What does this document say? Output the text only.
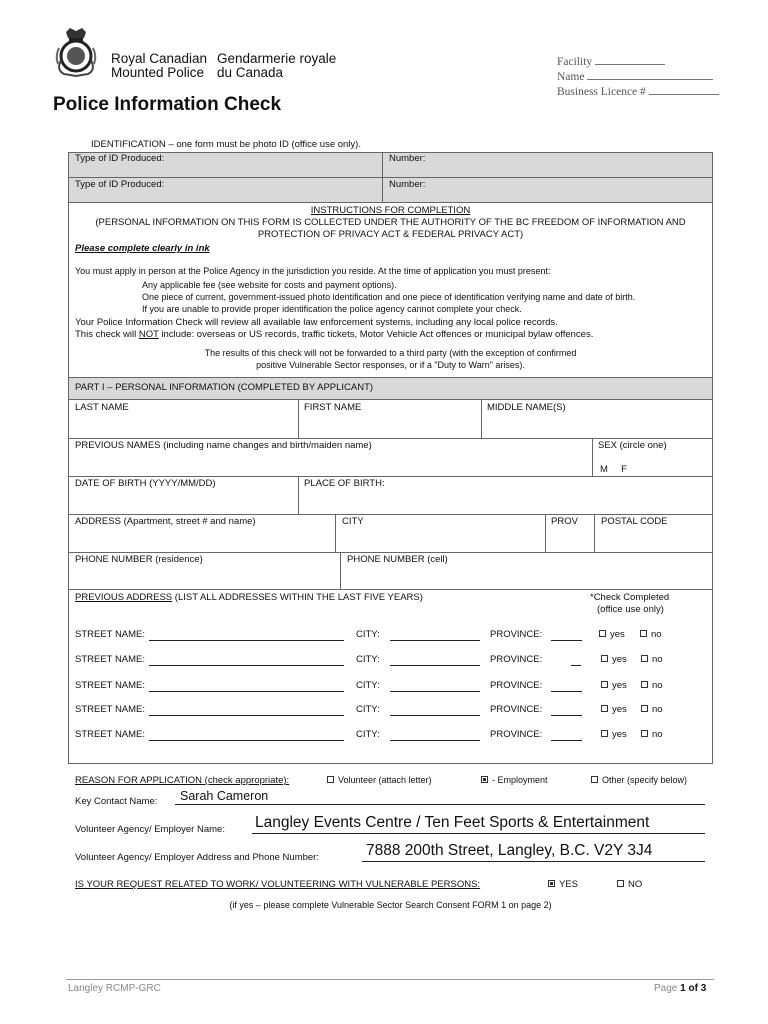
Royal Canadian
Mounted Police
Gendarmerie royale
du Canada
Police Information Check
Facility
Name
Business Licence #
IDENTIFICATION – one form must be photo ID (office use only).
Type of ID Produced:	Number:
Type of ID Produced:	Number:
INSTRUCTIONS FOR COMPLETION
(PERSONAL INFORMATION ON THIS FORM IS COLLECTED UNDER THE AUTHORITY OF THE BC FREEDOM OF INFORMATION AND
PROTECTION OF PRIVACY ACT & FEDERAL PRIVACY ACT)
Please complete clearly in ink
You must apply in person at the Police Agency in the jurisdiction you reside. At the time of application you must present:
Any applicable fee (see website for costs and payment options).
One piece of current, government-issued photo identification and one piece of identification verifying name and date of birth.
If you are unable to provide proper identification the police agency cannot complete your check.
Your Police Information Check will review all available law enforcement systems, including any local police records.
This check will NOT include: overseas or US records, traffic tickets, Motor Vehicle Act offences or municipal bylaw offences.
The results of this check will not be forwarded to a third party (with the exception of confirmed
positive Vulnerable Sector responses, or if a "Duty to Warn" arises).
PART I – PERSONAL INFORMATION (COMPLETED BY APPLICANT)
LAST NAME	FIRST NAME	MIDDLE NAME(S)
PREVIOUS NAMES (including name changes and birth/maiden name)	SEX (circle one)
M     F
DATE OF BIRTH (YYYY/MM/DD)	PLACE OF BIRTH:
ADDRESS (Apartment, street # and name)	CITY	PROV POSTAL CODE
PHONE NUMBER (residence)	PHONE NUMBER (cell)
PREVIOUS ADDRESS (LIST ALL ADDRESSES WITHIN THE LAST FIVE YEARS)	*Check Completed
(office use only)
STREET NAME:	CITY:	PROVINCE:	yes	no
STREET NAME:	CITY:	PROVINCE:	yes	no
STREET NAME:	CITY:	PROVINCE:	yes	no
STREET NAME:	CITY:	PROVINCE:	yes	no
STREET NAME:	CITY:	PROVINCE:	yes	no
REASON FOR APPLICATION (check appropriate):	Volunteer (attach letter)	- Employment	Other (specify below)
Key Contact Name: Sarah Cameron
Volunteer Agency/ Employer Name: Langley Events Centre / Ten Feet Sports & Entertainment
Volunteer Agency/ Employer Address and Phone Number:	7888 200th Street, Langley, B.C. V2Y 3J4
IS YOUR REQUEST RELATED TO WORK/ VOLUNTEERING WITH VULNERABLE PERSONS:	YES	NO
(if yes – please complete Vulnerable Sector Search Consent FORM 1 on page 2)
Langley RCMP-GRC	Page 1 of 3
